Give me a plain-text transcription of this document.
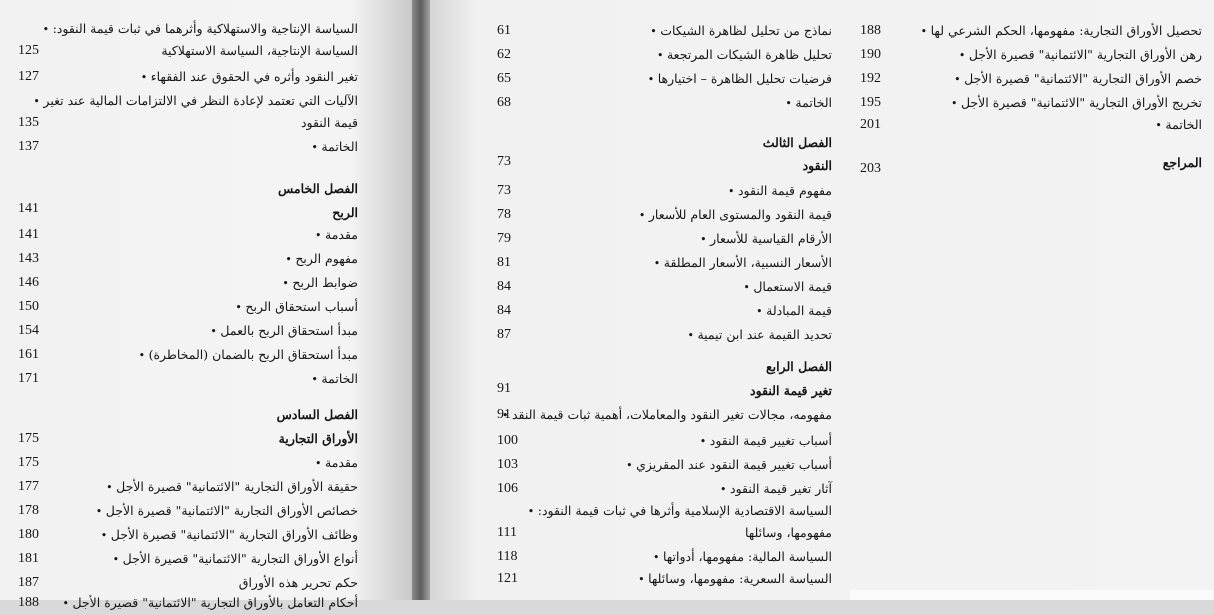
السياسة الإنتاجية والاستهلاكية وأثرهما في ثبات قيمة النقود: •
السياسة الإنتاجية، السياسة الاستهلاكية
125
تغير النقود وأثره في الحقوق عند الفقهاء •
127
الآليات التي تعتمد لإعادة النظر في الالتزامات المالية عند تغير •
قيمة النقود
135
الخاتمة •
137
الفصل الخامس
الربح
141
مقدمة •
141
مفهوم الربح •
143
ضوابط الربح •
146
أسباب استحقاق الربح •
150
مبدأ استحقاق الربح بالعمل •
154
مبدأ استحقاق الربح بالضمان (المخاطرة) •
161
الخاتمة •
171
الفصل السادس
الأوراق التجارية
175
مقدمة •
175
حقيقة الأوراق التجارية "الائتمانية" قصيرة الأجل •
177
خصائص الأوراق التجارية "الائتمانية" قصيرة الأجل •
178
وظائف الأوراق التجارية "الائتمانية" قصيرة الأجل •
180
أنواع الأوراق التجارية "الائتمانية" قصيرة الأجل •
181
حكم تحرير هذه الأوراق
187
أحكام التعامل بالأوراق التجارية "الائتمانية" قصيرة الأجل •
188
نماذج من تحليل لظاهرة الشيكات •
61
تحليل ظاهرة الشيكات المرتجعة •
62
فرضيات تحليل الظاهرة – اختيارها •
65
الخاتمة •
68
الفصل الثالث
النقود
73
مفهوم قيمة النقود •
73
قيمة النقود والمستوى العام للأسعار •
78
الأرقام القياسية للأسعار •
79
الأسعار النسبية، الأسعار المطلقة •
81
قيمة الاستعمال •
84
قيمة المبادلة •
84
تحديد القيمة عند ابن تيمية •
87
الفصل الرابع
تغير قيمة النقود
91
مفهومه، مجالات تغير النقود والمعاملات، أهمية ثبات قيمة النقد •
91
أسباب تغيير قيمة النقود •
100
أسباب تغيير قيمة النقود عند المقريزي •
103
آثار تغير قيمة النقود •
106
السياسة الاقتصادية الإسلامية وأثرها في ثبات قيمة النقود: •
مفهومها، وسائلها
111
السياسة المالية: مفهومها، أدواتها •
118
السياسة السعرية: مفهومها، وسائلها •
121
تحصيل الأوراق التجارية: مفهومها، الحكم الشرعي لها •
188
رهن الأوراق التجارية "الائتمانية" قصيرة الأجل •
190
خصم الأوراق التجارية "الائتمانية" قصيرة الأجل •
192
تخريج الأوراق التجارية "الائتمانية" قصيرة الأجل •
195
الخاتمة •
201
المراجع
203
